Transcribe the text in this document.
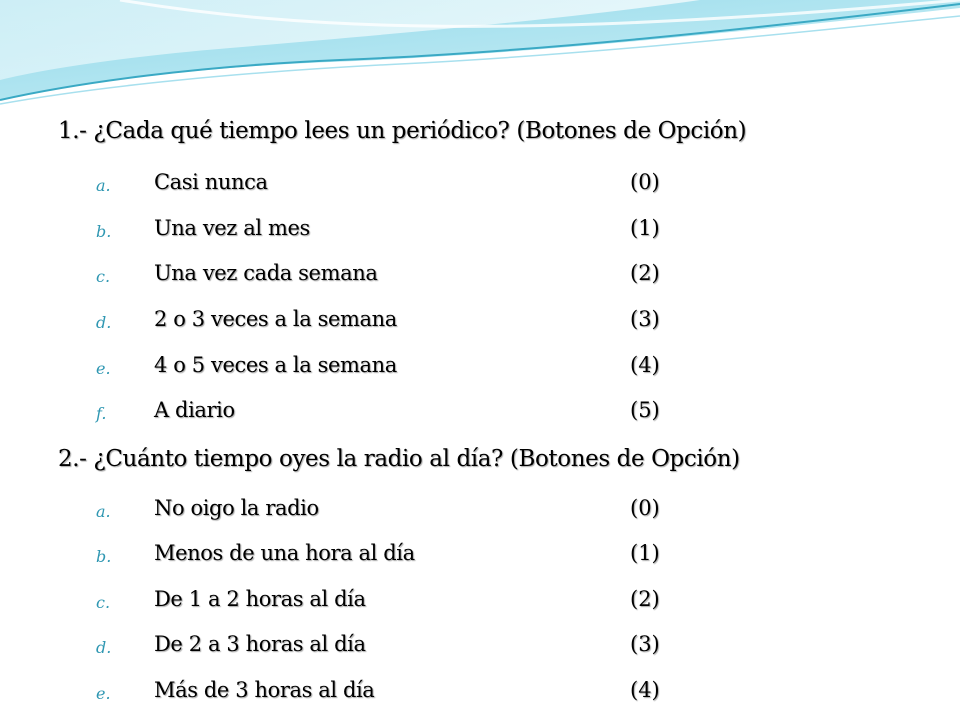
1.- ¿Cada qué tiempo lees un periódico? (Botones de Opción)
a. Casi nunca	(0)
b. Una vez al mes	(1)
c. Una vez cada semana	(2)
d. 2 o 3 veces a la semana	(3)
e. 4 o 5 veces a la semana	(4)
f. A diario	(5)
2.- ¿Cuánto tiempo oyes la radio al día? (Botones de Opción)
a. No oigo la radio	(0)
b. Menos de una hora al día	(1)
c. De 1 a 2 horas al día	(2)
d. De 2 a 3 horas al día	(3)
e. Más de 3 horas al día	(4)
